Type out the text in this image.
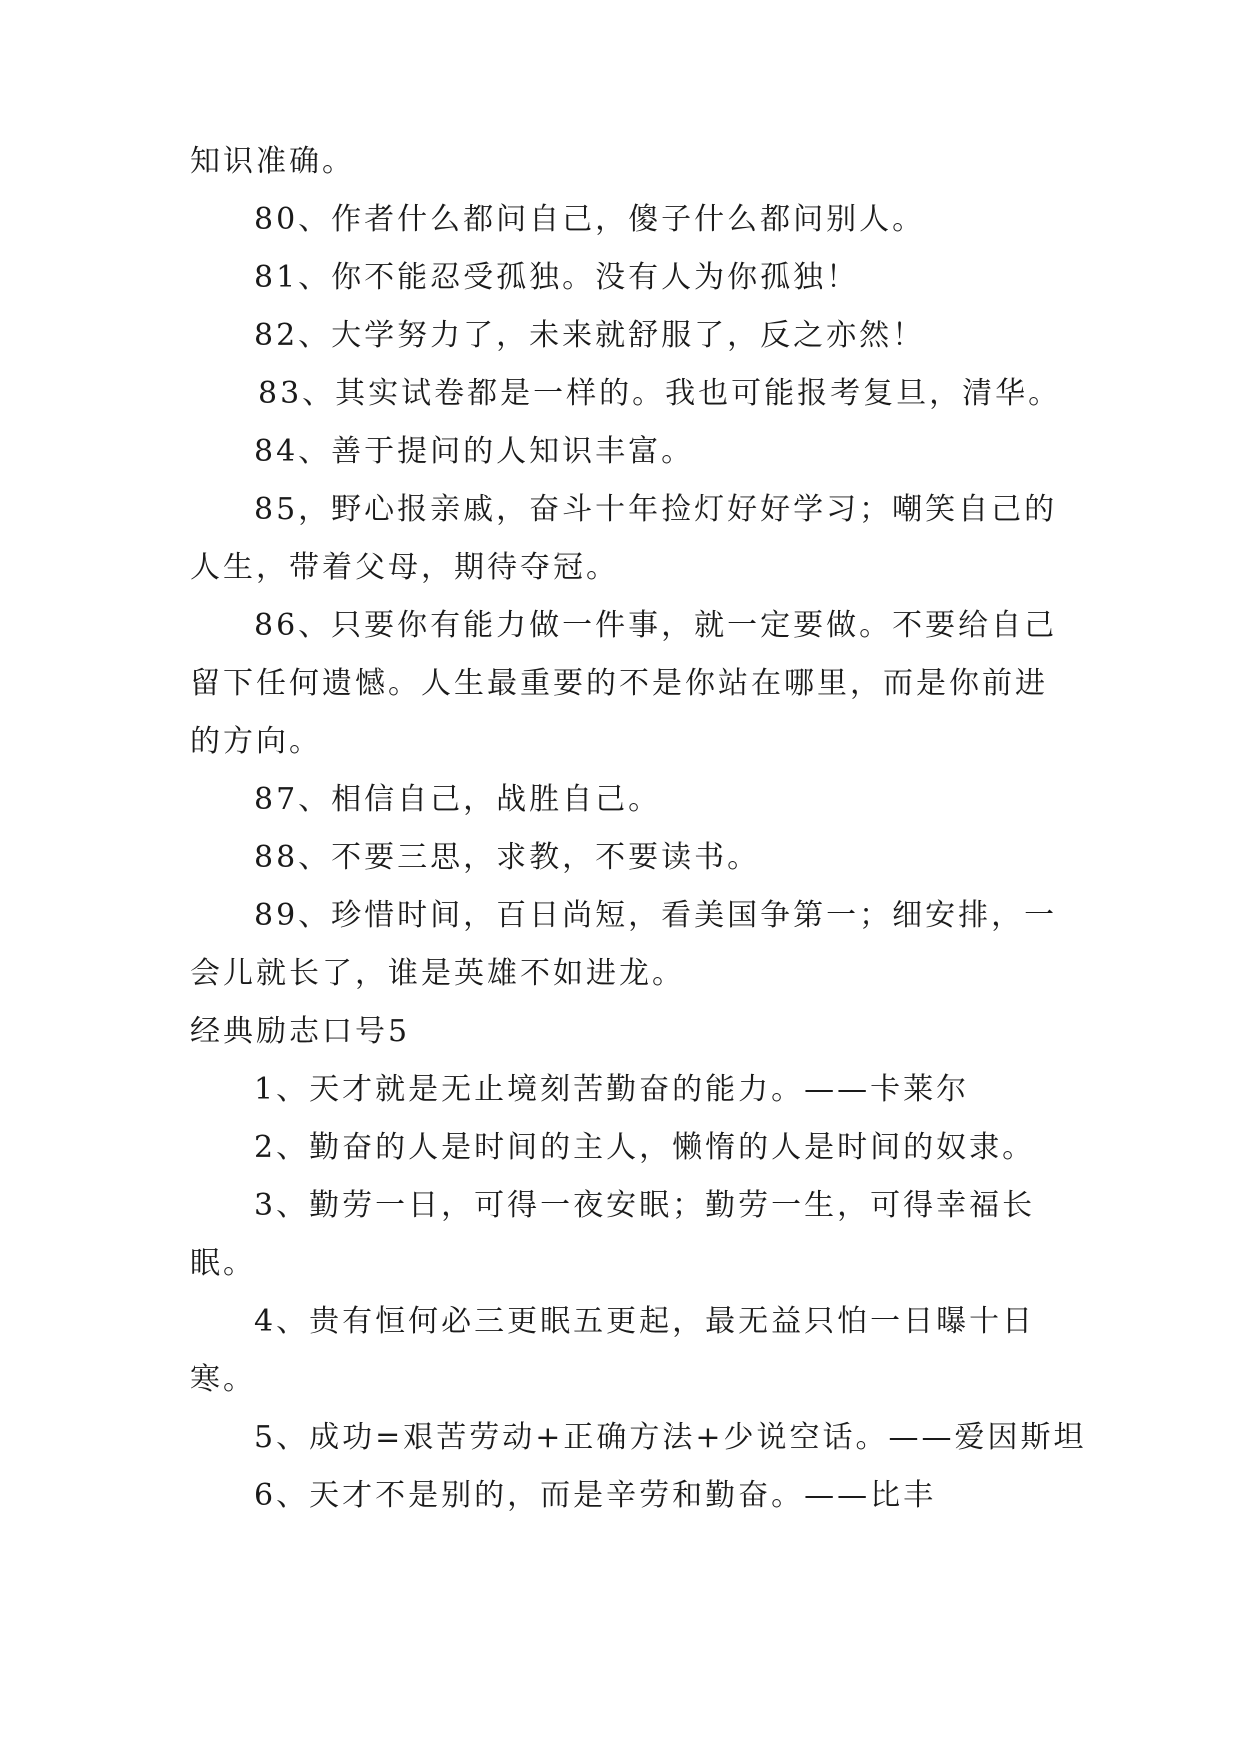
知识准确。
80、作者什么都问自己，傻子什么都问别人。
81、你不能忍受孤独。没有人为你孤独！
82、大学努力了，未来就舒服了，反之亦然！
83、其实试卷都是一样的。我也可能报考复旦，清华。
84、善于提问的人知识丰富。
85，野心报亲戚，奋斗十年捡灯好好学习；嘲笑自己的
人生，带着父母，期待夺冠。
86、只要你有能力做一件事，就一定要做。不要给自己
留下任何遗憾。人生最重要的不是你站在哪里，而是你前进
的方向。
87、相信自己，战胜自己。
88、不要三思，求教，不要读书。
89、珍惜时间，百日尚短，看美国争第一；细安排，一
会儿就长了，谁是英雄不如进龙。
经典励志口号5
1、天才就是无止境刻苦勤奋的能力。——卡莱尔
2、勤奋的人是时间的主人，懒惰的人是时间的奴隶。
3、勤劳一日，可得一夜安眠；勤劳一生，可得幸福长
眠。
4、贵有恒何必三更眠五更起，最无益只怕一日曝十日
寒。
5、成功=艰苦劳动+正确方法+少说空话。——爱因斯坦
6、天才不是别的，而是辛劳和勤奋。——比丰
